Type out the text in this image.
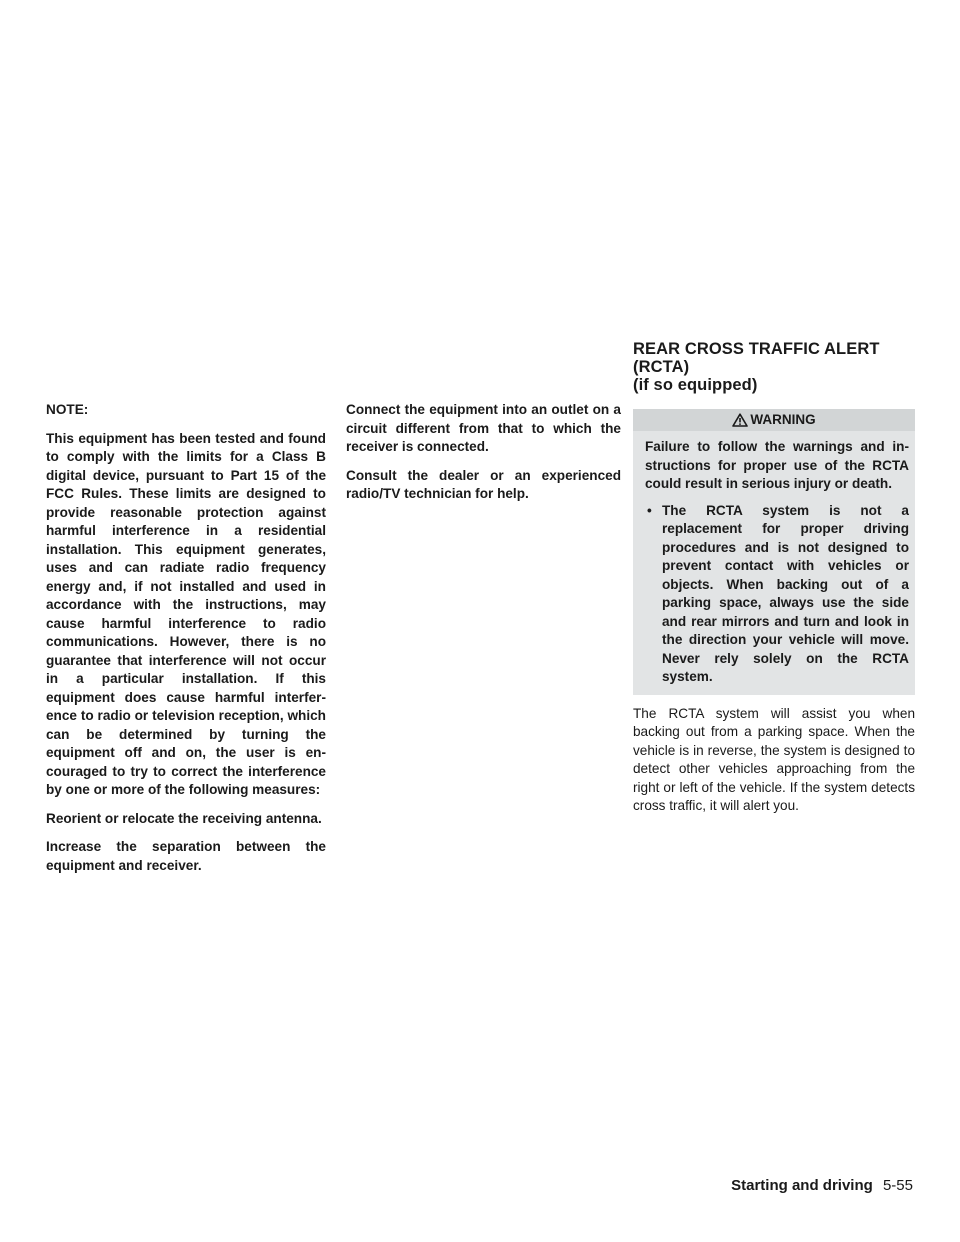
NOTE:

This equipment has been tested and found to comply with the limits for a Class B digital device, pursuant to Part 15 of the FCC Rules. These limits are designed to provide reasonable protection against harmful interference in a residential installation. This equipment generates, uses and can radiate radio frequency energy and, if not installed and used in accordance with the instructions, may cause harmful interference to radio communications. However, there is no guarantee that interference will not occur in a particular installation. If this equipment does cause harmful interference to radio or television reception, which can be determined by turning the equipment off and on, the user is encouraged to try to correct the interference by one or more of the following measures:

Reorient or relocate the receiving antenna.

Increase the separation between the equipment and receiver.

Connect the equipment into an outlet on a circuit different from that to which the receiver is connected.

Consult the dealer or an experienced radio/TV technician for help.

REAR CROSS TRAFFIC ALERT (RCTA)
(if so equipped)
WARNING

Failure to follow the warnings and instructions for proper use of the RCTA could result in serious injury or death.

• The RCTA system is not a replacement for proper driving procedures and is not designed to prevent contact with vehicles or objects. When backing out of a parking space, always use the side and rear mirrors and turn and look in the direction your vehicle will move. Never rely solely on the RCTA system.

The RCTA system will assist you when backing out from a parking space. When the vehicle is in reverse, the system is designed to detect other vehicles approaching from the right or left of the vehicle. If the system detects cross traffic, it will alert you.

Starting and driving 5-55
